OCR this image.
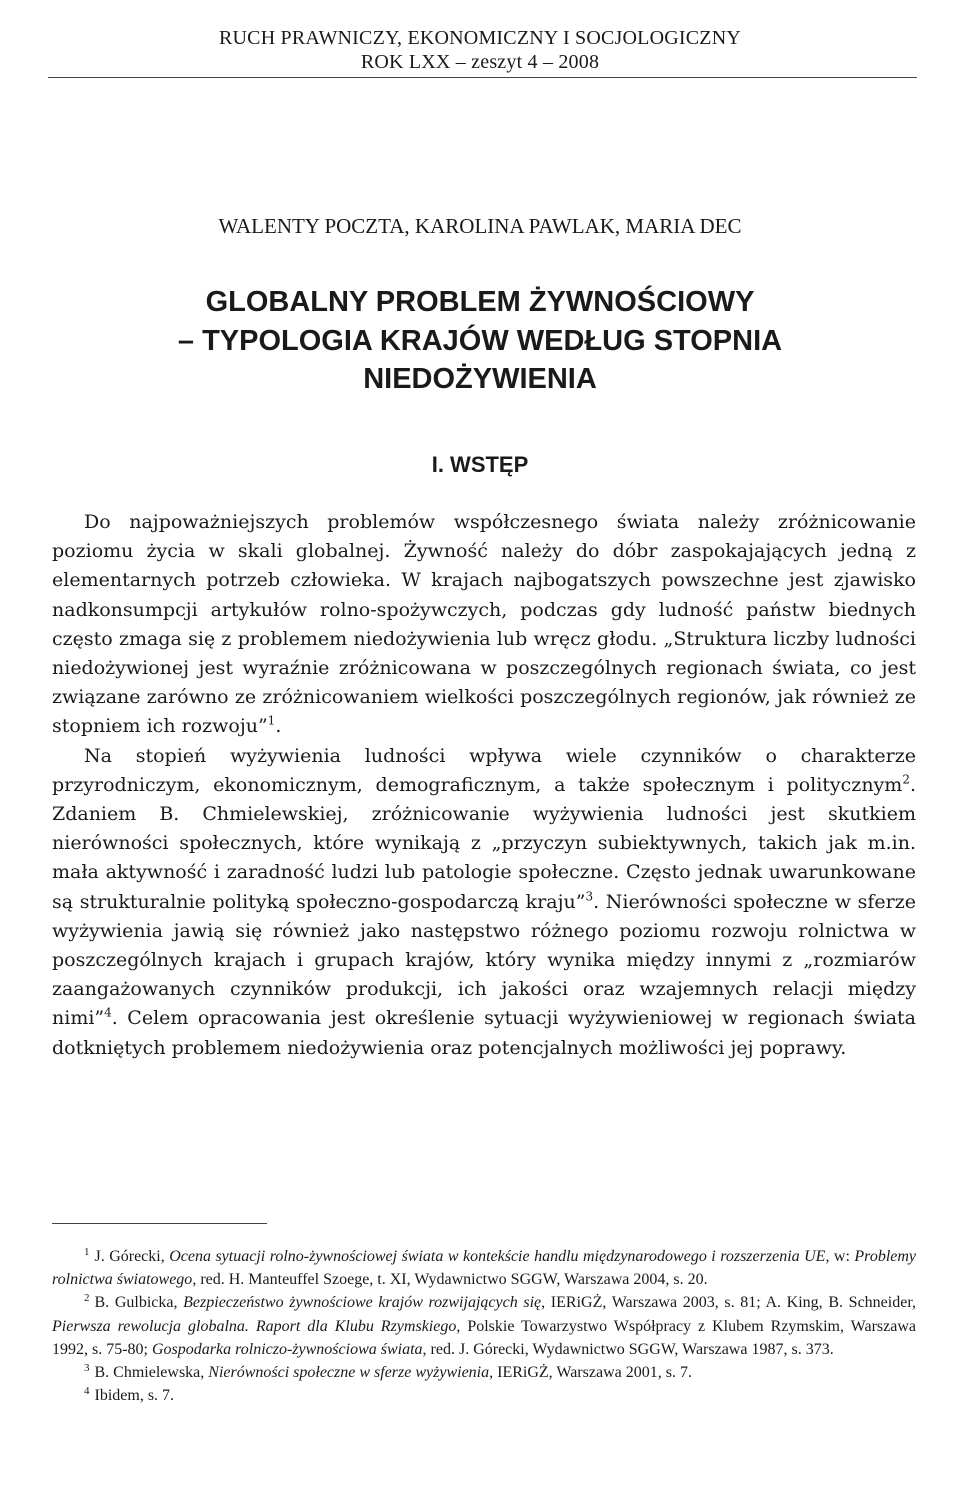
RUCH PRAWNICZY, EKONOMICZNY I SOCJOLOGICZNY
ROK LXX – zeszyt 4 – 2008
WALENTY POCZTA, KAROLINA PAWLAK, MARIA DEC
GLOBALNY PROBLEM ŻYWNOŚCIOWY
– TYPOLOGIA KRAJÓW WEDŁUG STOPNIA
NIEDOŻYWIENIA
I. WSTĘP

Do najpoważniejszych problemów współczesnego świata należy zróżnicowanie poziomu życia w skali globalnej. Żywność należy do dóbr zaspokajających jedną z elementarnych potrzeb człowieka. W krajach najbogatszych powszechne jest zjawisko nadkonsumpcji artykułów rolno-spożywczych, podczas gdy ludność państw biednych często zmaga się z problemem niedożywienia lub wręcz głodu. „Struktura liczby ludności niedożywionej jest wyraźnie zróżnicowana w poszczególnych regionach świata, co jest związane zarówno ze zróżnicowaniem wielkości poszczególnych regionów, jak również ze stopniem ich rozwoju”$^1$.

Na stopień wyżywienia ludności wpływa wiele czynników o charakterze przyrodniczym, ekonomicznym, demograficznym, a także społecznym i politycznym$^2$. Zdaniem B. Chmielewskiej, zróżnicowanie wyżywienia ludności jest skutkiem nierówności społecznych, które wynikają z „przyczyn subiektywnych, takich jak m.in. mała aktywność i zaradność ludzi lub patologie społeczne. Często jednak uwarunkowane są strukturalnie polityką społeczno-gospodarczą kraju”$^3$. Nierówności społeczne w sferze wyżywienia jawią się również jako następstwo różnego poziomu rozwoju rolnictwa w poszczególnych krajach i grupach krajów, który wynika między innymi z „rozmiarów zaangażowanych czynników produkcji, ich jakości oraz wzajemnych relacji między nimi”$^4$. Celem opracowania jest określenie sytuacji wyżywieniowej w regionach świata dotkniętych problemem niedożywienia oraz potencjalnych możliwości jej poprawy.

$^1$ J. Górecki, Ocena sytuacji rolno-żywnościowej świata w kontekście handlu międzynarodowego i rozszerzenia UE, w: Problemy rolnictwa światowego, red. H. Manteuffel Szoege, t. XI, Wydawnictwo SGGW, Warszawa 2004, s. 20.

$^2$ B. Gulbicka, Bezpieczeństwo żywnościowe krajów rozwijających się, IERiGŻ, Warszawa 2003, s. 81; A. King, B. Schneider, Pierwsza rewolucja globalna. Raport dla Klubu Rzymskiego, Polskie Towarzystwo Współpracy z Klubem Rzymskim, Warszawa 1992, s. 75-80; Gospodarka rolniczo-żywnościowa świata, red. J. Górecki, Wydawnictwo SGGW, Warszawa 1987, s. 373.

$^3$ B. Chmielewska, Nierówności społeczne w sferze wyżywienia, IERiGŻ, Warszawa 2001, s. 7.

$^4$ Ibidem, s. 7.
